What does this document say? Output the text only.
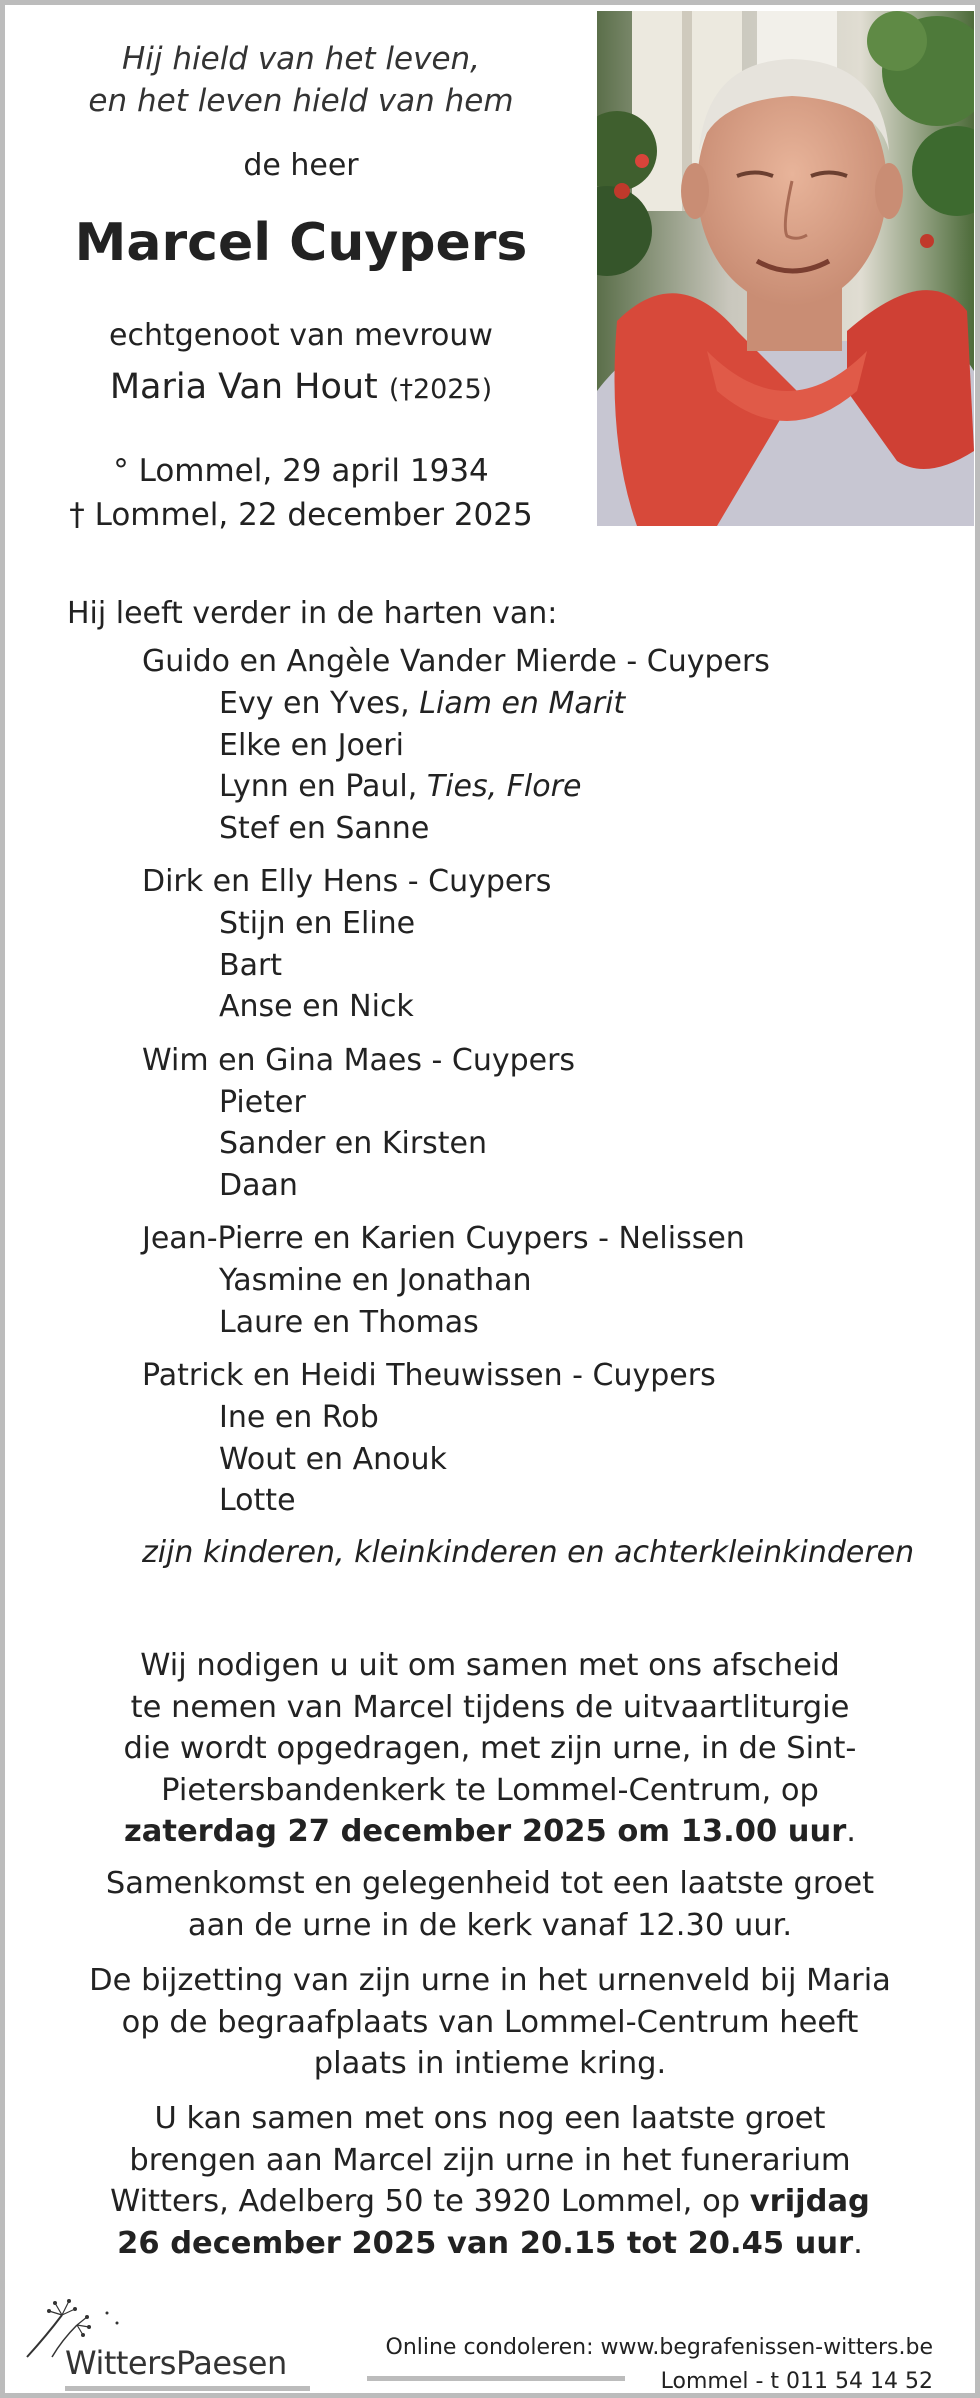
Hij hield van het leven,
en het leven hield van hem
de heer
Marcel Cuypers
echtgenoot van mevrouw
Maria Van Hout (†2025)
° Lommel, 29 april 1934
† Lommel, 22 december 2025
Hij leeft verder in de harten van:
Guido en Angèle Vander Mierde - Cuypers
Evy en Yves, Liam en Marit
Elke en Joeri
Lynn en Paul, Ties, Flore
Stef en Sanne
Dirk en Elly Hens - Cuypers
Stijn en Eline
Bart
Anse en Nick
Wim en Gina Maes - Cuypers
Pieter
Sander en Kirsten
Daan
Jean-Pierre en Karien Cuypers - Nelissen
Yasmine en Jonathan
Laure en Thomas
Patrick en Heidi Theuwissen - Cuypers
Ine en Rob
Wout en Anouk
Lotte
zijn kinderen, kleinkinderen en achterkleinkinderen
Wij nodigen u uit om samen met ons afscheid
te nemen van Marcel tijdens de uitvaartliturgie
die wordt opgedragen, met zijn urne, in de Sint-
Pietersbandenkerk te Lommel-Centrum, op
zaterdag 27 december 2025 om 13.00 uur.
Samenkomst en gelegenheid tot een laatste groet
aan de urne in de kerk vanaf 12.30 uur.
De bijzetting van zijn urne in het urnenveld bij Maria
op de begraafplaats van Lommel-Centrum heeft
plaats in intieme kring.
U kan samen met ons nog een laatste groet
brengen aan Marcel zijn urne in het funerarium
Witters, Adelberg 50 te 3920 Lommel, op vrijdag
26 december 2025 van 20.15 tot 20.45 uur.
WittersPaesen	Online condoleren: www.begrafenissen-witters.be
Lommel - t 011 54 14 52
